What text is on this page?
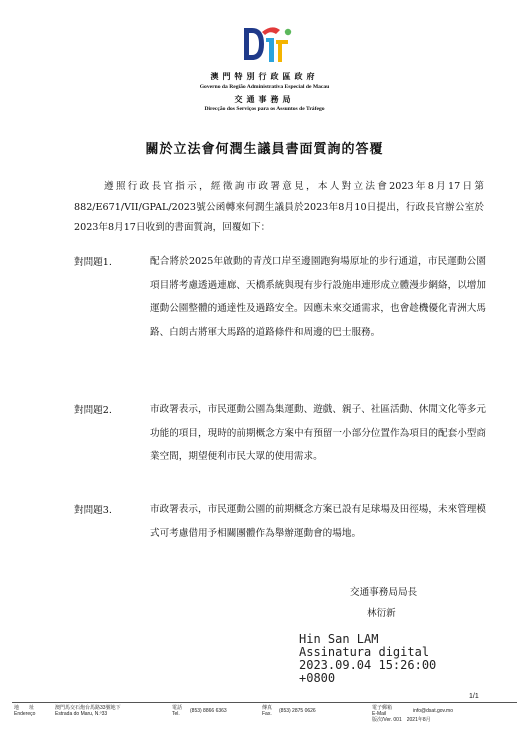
澳門特別行政區政府
Governo da Região Administrativa Especial de Macau
交通事務局
Direcção dos Serviços para os Assuntos de Tráfego
關於立法會何潤生議員書面質詢的答覆
遵照行政長官指示，經徵詢市政署意見，本人對立法會2023年8月17日第882/E671/VII/GPAL/2023號公函轉來何潤生議員於2023年8月10日提出，行政長官辦公室於2023年8月17日收到的書面質詢，回覆如下：
對問題1.	配合將於2025年啟動的青茂口岸至邊園跑狗場原址的步行通道，市民運動公園項目將考慮透過連廊、天橋系統與現有步行設施串連形成立體漫步網絡，以增加運動公園整體的通達性及過路安全。因應未來交通需求，也會趁機優化青洲大馬路、白朗古將軍大馬路的道路條件和周邊的巴士服務。
對問題2.	市政署表示，市民運動公園為集運動、遊戲、親子、社區活動、休閒文化等多元功能的項目，現時的前期概念方案中有預留一小部分位置作為項目的配套小型商業空間，期望便利市民大眾的使用需求。
對問題3.	市政署表示，市民運動公園的前期概念方案已設有足球場及田徑場，未來管理模式可考慮借用予相關團體作為舉辦運動會的場地。
交通事務局局長
林衍新
Hin San LAM
Assinatura digital
2023.09.04 15:26:00
+0800
1/1
地　　址
Endereço
澳門馬交石炮台馬路33號地下
Estrada do Maru, N.º33
電話
Tel.	(853) 8866 6363	傳真
Fax. (853) 2875 0626	電子郵箱
E-Mail	info@dsat.gov.mo
版次/Ver. 001　2021年8月
